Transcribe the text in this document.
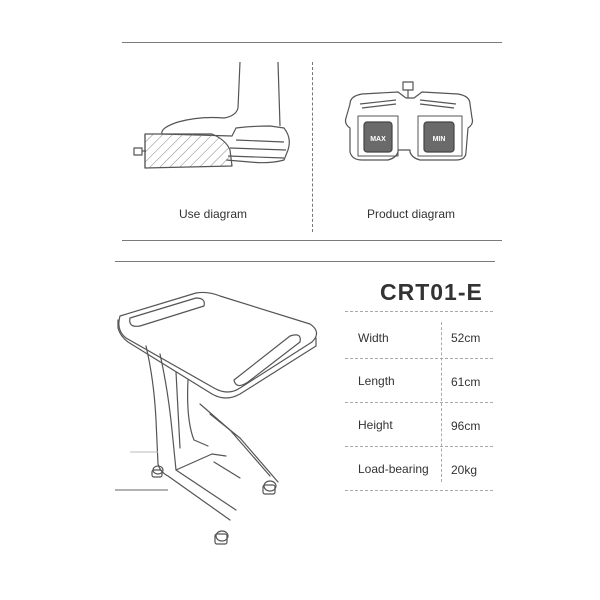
Use diagram
MAX	MIN
Product diagram
CRT01-E
Width	52cm
Length	61cm
Height	96cm
Load-bearing 20kg
